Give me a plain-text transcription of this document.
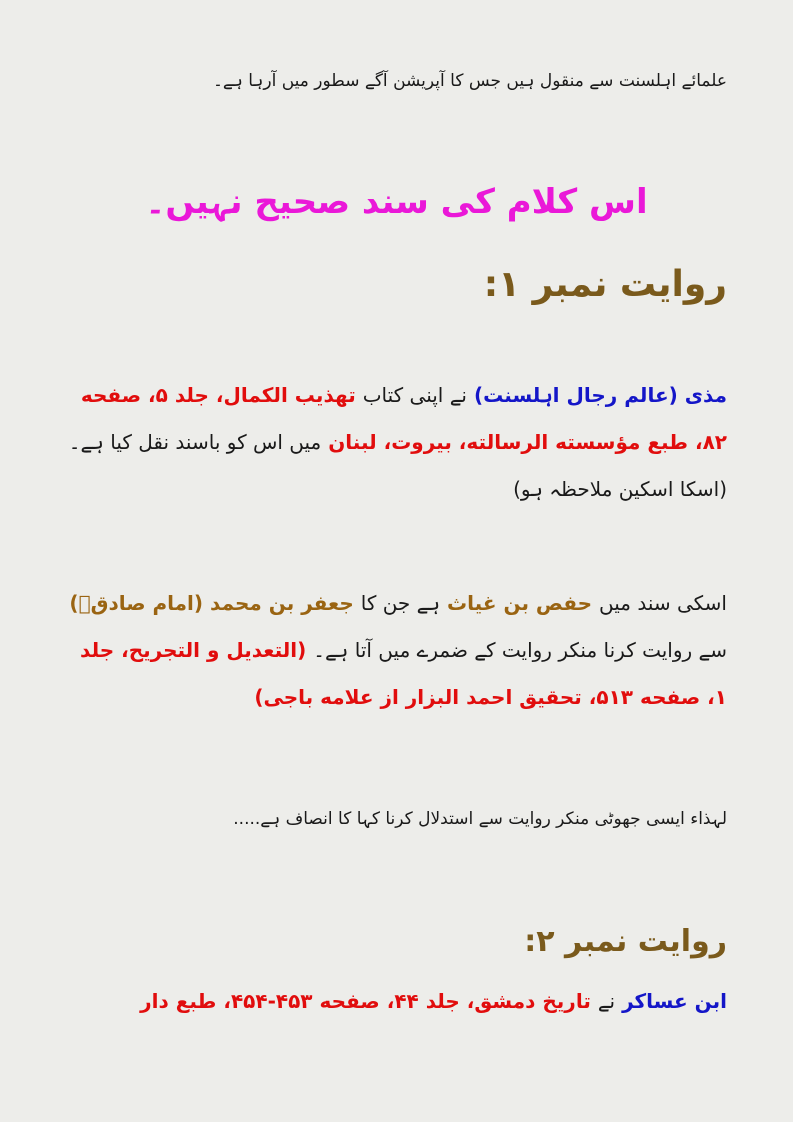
علمائے اہلسنت سے منقول ہیں جس کا آپریشن آگے سطور میں آرہا ہے۔
اس کلام کی سند صحیح نہیں۔
روایت نمبر ۱:
مذی (عالم رجال اہلسنت) نے اپنی کتاب تهذیب الکمال، جلد ۵، صفحه ۸۲، طبع مؤسسته الرسالته، بیروت، لبنان میں اس کو باسند نقل کیا ہے۔
(اسکا اسکین ملاحظہ ہو)
اسکی سند میں حفص بن غیاث ہے جن کا جعفر بن محمد (امام صادقؑ) سے روایت کرنا منکر روایت کے ضمرے میں آتا ہے۔ (التعدیل و التجریح، جلد ۱، صفحه ۵۱۳، تحقیق احمد البزار از علامه باجی)
لہذاء ایسی جھوٹی منکر روایت سے استدلال کرنا کہا کا انصاف ہے.....
روایت نمبر ۲:
ابن عساکر نے تاریخ دمشق، جلد ۴۴، صفحه ۴۵۳-۴۵۴، طبع دار
